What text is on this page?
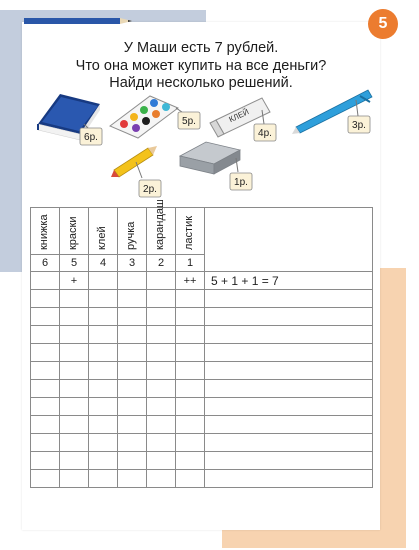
5
У Маши есть 7 рублей.
Что она может купить на все деньги?
Найди несколько решений.
6р.
5р.	КЛЕЙ
4р.
3р.
2р.
1р.
книжка	краски	клей	ручка	карандаш	ластик	

6	5	4	3	2	1	
	+				++	5 + 1 + 1 = 7
